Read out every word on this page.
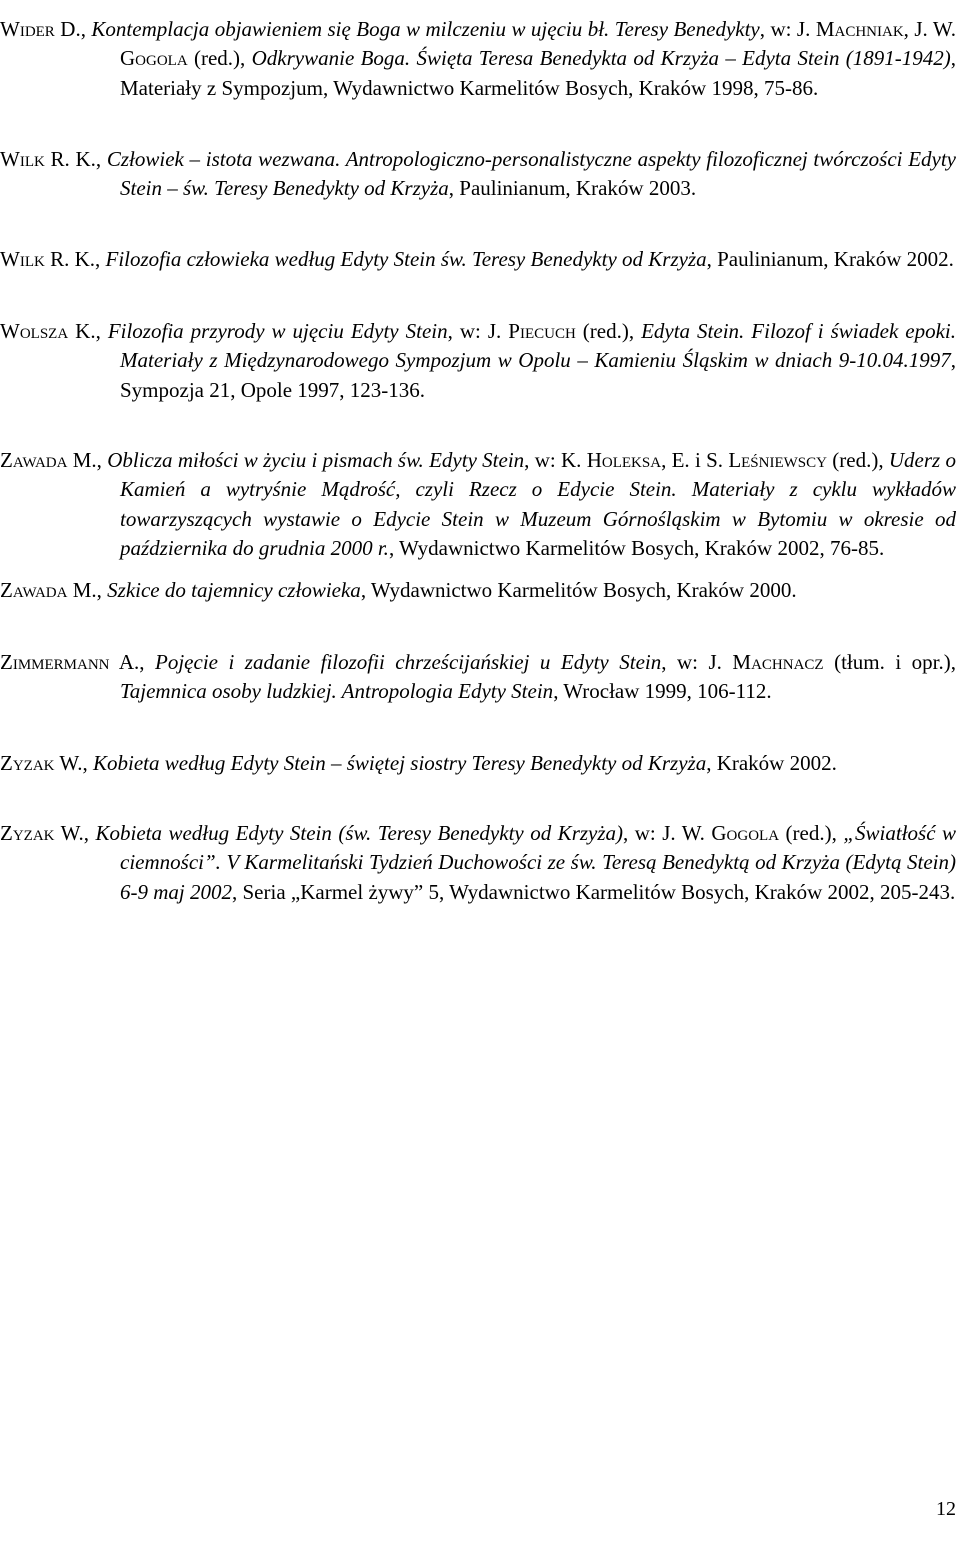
Wider D., Kontemplacja objawieniem się Boga w milczeniu w ujęciu bł. Teresy Benedykty, w: J. Machniak, J. W. Gogola (red.), Odkrywanie Boga. Święta Teresa Benedykta od Krzyża – Edyta Stein (1891-1942), Materiały z Sympozjum, Wydawnictwo Karmelitów Bosych, Kraków 1998, 75-86.

Wilk R. K., Człowiek – istota wezwana. Antropologiczno-personalistyczne aspekty filozoficznej twórczości Edyty Stein – św. Teresy Benedykty od Krzyża, Paulinianum, Kraków 2003.

Wilk R. K., Filozofia człowieka według Edyty Stein św. Teresy Benedykty od Krzyża, Paulinianum, Kraków 2002.

Wolsza K., Filozofia przyrody w ujęciu Edyty Stein, w: J. Piecuch (red.), Edyta Stein. Filozof i świadek epoki. Materiały z Międzynarodowego Sympozjum w Opolu – Kamieniu Śląskim w dniach 9-10.04.1997, Sympozja 21, Opole 1997, 123-136.

Zawada M., Oblicza miłości w życiu i pismach św. Edyty Stein, w: K. Holeksa, E. i S. Leśniewscy (red.), Uderz o Kamień a wytryśnie Mądrość, czyli Rzecz o Edycie Stein. Materiały z cyklu wykładów towarzyszących wystawie o Edycie Stein w Muzeum Górnośląskim w Bytomiu w okresie od października do grudnia 2000 r., Wydawnictwo Karmelitów Bosych, Kraków 2002, 76-85.

Zawada M., Szkice do tajemnicy człowieka, Wydawnictwo Karmelitów Bosych, Kraków 2000.

Zimmermann A., Pojęcie i zadanie filozofii chrześcijańskiej u Edyty Stein, w: J. Machnacz (tłum. i opr.), Tajemnica osoby ludzkiej. Antropologia Edyty Stein, Wrocław 1999, 106-112.

Zyzak W., Kobieta według Edyty Stein – świętej siostry Teresy Benedykty od Krzyża, Kraków 2002.

Zyzak W., Kobieta według Edyty Stein (św. Teresy Benedykty od Krzyża), w: J. W. Gogola (red.), „Światłość w ciemności”. V Karmelitański Tydzień Duchowości ze św. Teresą Benedyktą od Krzyża (Edytą Stein) 6-9 maj 2002, Seria „Karmel żywy” 5, Wydawnictwo Karmelitów Bosych, Kraków 2002, 205-243.

12
